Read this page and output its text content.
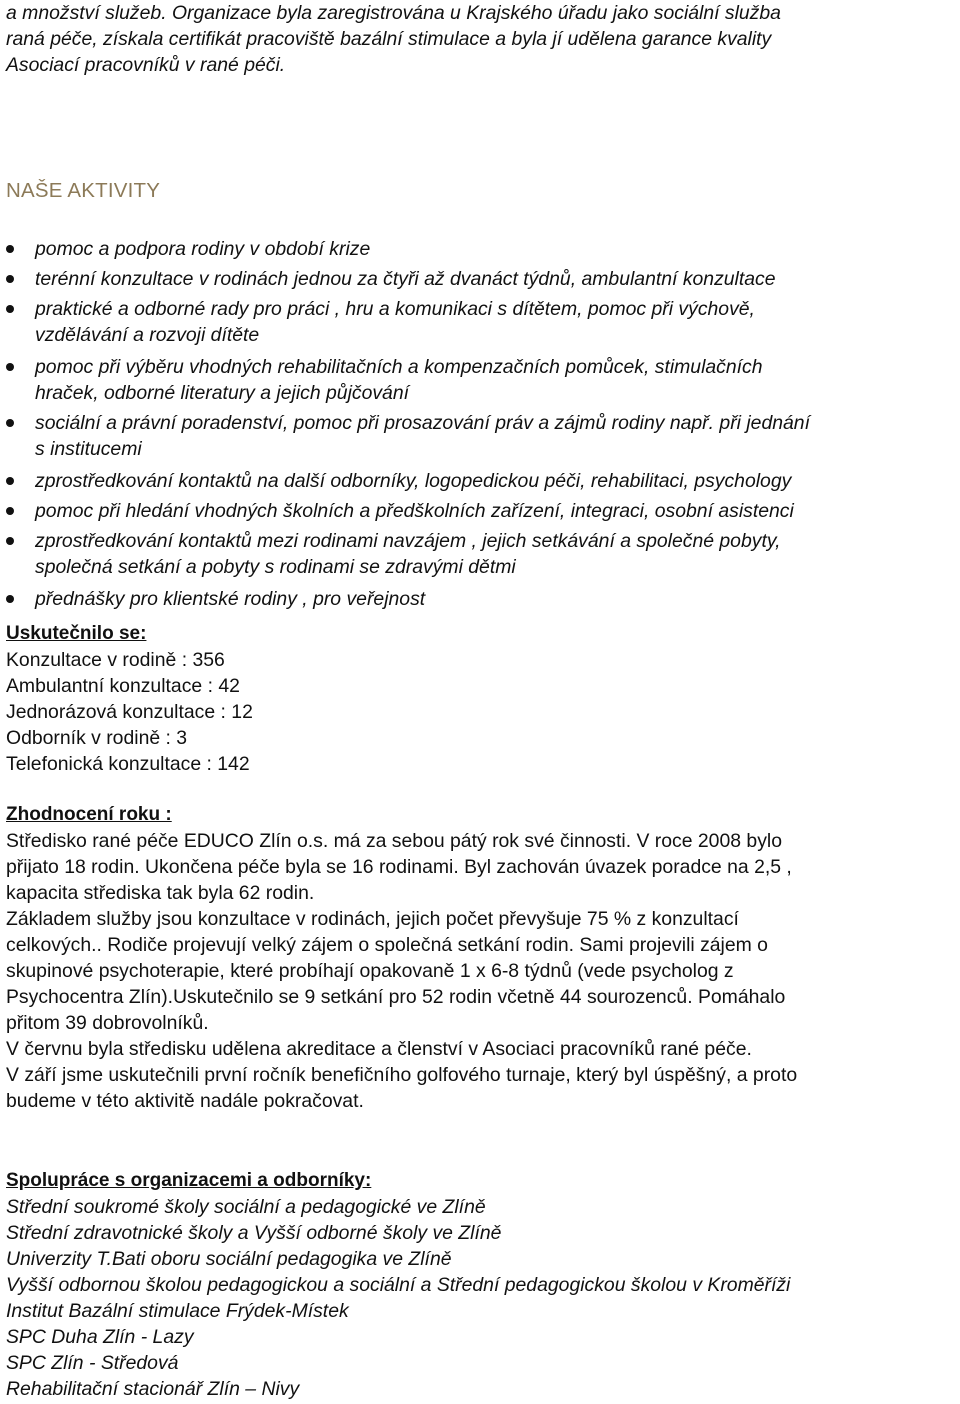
a množství služeb. Organizace byla zaregistrována u Krajského úřadu jako sociální služba
raná péče, získala certifikát pracoviště bazální stimulace a byla jí udělena garance kvality
Asociací pracovníků v rané péči.
NAŠE AKTIVITY
pomoc a podpora rodiny v období krize
terénní konzultace v rodinách jednou za čtyři až dvanáct týdnů, ambulantní konzultace
praktické a odborné rady pro práci , hru a komunikaci s dítětem, pomoc při výchově,
vzdělávání a rozvoji dítěte
pomoc při výběru vhodných rehabilitačních a kompenzačních pomůcek, stimulačních
hraček, odborné literatury a jejich půjčování
sociální a právní poradenství, pomoc při prosazování práv a zájmů rodiny např. při jednání
s institucemi
zprostředkování kontaktů na další odborníky, logopedickou péči, rehabilitaci, psychology
pomoc při hledání vhodných školních a předškolních zařízení, integraci, osobní asistenci
zprostředkování kontaktů mezi rodinami navzájem , jejich setkávání a společné pobyty,
společná setkání a pobyty s rodinami se zdravými dětmi
přednášky pro klientské rodiny , pro veřejnost
Uskutečnilo se:
Konzultace v rodině : 356
Ambulantní konzultace : 42
Jednorázová konzultace : 12
Odborník v rodině : 3
Telefonická konzultace : 142
Zhodnocení roku :
Středisko rané péče EDUCO Zlín o.s. má za sebou pátý rok své činnosti. V roce 2008 bylo
přijato 18 rodin. Ukončena péče byla se 16 rodinami. Byl zachován úvazek poradce na 2,5 ,
kapacita střediska tak byla 62 rodin.
Základem služby jsou konzultace v rodinách, jejich počet převyšuje 75 % z konzultací
celkových.. Rodiče projevují velký zájem o společná setkání rodin. Sami projevili zájem o
skupinové psychoterapie, které probíhají opakovaně 1 x 6-8 týdnů (vede psycholog z
Psychocentra Zlín).Uskutečnilo se 9 setkání pro 52 rodin včetně 44 sourozenců. Pomáhalo
přitom 39 dobrovolníků.
V červnu byla středisku udělena akreditace a členství v Asociaci pracovníků rané péče.
V září jsme uskutečnili první ročník benefičního golfového turnaje, který byl úspěšný, a proto
budeme v této aktivitě nadále pokračovat.
Spolupráce s organizacemi a odborníky:
Střední soukromé školy sociální a pedagogické ve Zlíně
Střední zdravotnické školy a Vyšší odborné školy ve Zlíně
Univerzity T.Bati oboru sociální pedagogika ve Zlíně
Vyšší odbornou školou pedagogickou a sociální a Střední pedagogickou školou v Kroměříži
Institut Bazální stimulace Frýdek-Místek
SPC Duha Zlín - Lazy
SPC Zlín - Středová
Rehabilitační stacionář Zlín – Nivy
